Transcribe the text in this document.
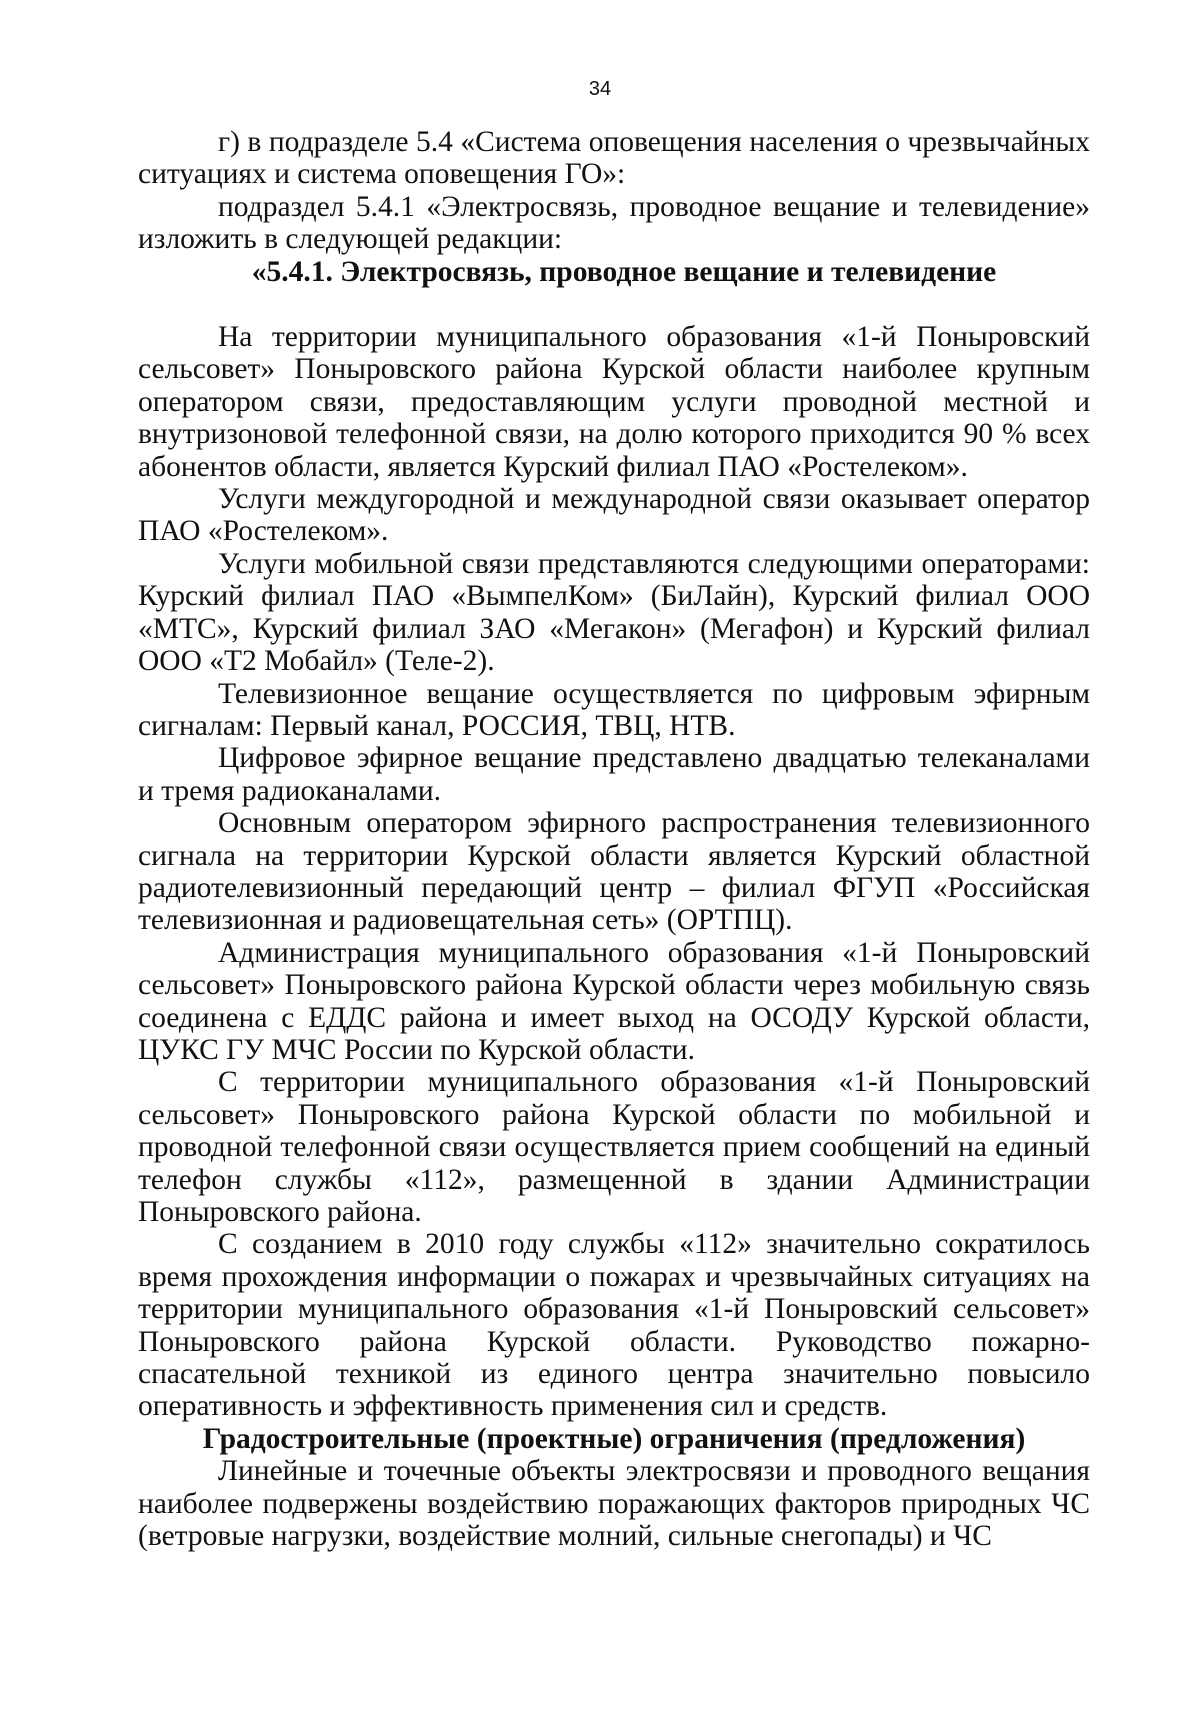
34

г) в подразделе 5.4 «Система оповещения населения о чрезвычайных ситуациях и система оповещения ГО»:

подраздел 5.4.1 «Электросвязь, проводное вещание и телевидение» изложить в следующей редакции:

«5.4.1. Электросвязь, проводное вещание и телевидение

На территории муниципального образования «1-й Поныровский сельсовет» Поныровского района Курской области наиболее крупным оператором связи, предоставляющим услуги проводной местной и внутризоновой телефонной связи, на долю которого приходится 90 % всех абонентов области, является Курский филиал ПАО «Ростелеком».

Услуги междугородной и международной связи оказывает оператор ПАО «Ростелеком».

Услуги мобильной связи представляются следующими операторами: Курский филиал ПАО «ВымпелКом» (БиЛайн), Курский филиал ООО «МТС», Курский филиал ЗАО «Мегакон» (Мегафон) и Курский филиал ООО «Т2 Мобайл» (Теле-2).

Телевизионное вещание осуществляется по цифровым эфирным сигналам: Первый канал, РОССИЯ, ТВЦ, НТВ.

Цифровое эфирное вещание представлено двадцатью телеканалами и тремя радиоканалами.

Основным оператором эфирного распространения телевизионного сигнала на территории Курской области является Курский областной радиотелевизионный передающий центр – филиал ФГУП «Российская телевизионная и радиовещательная сеть» (ОРТПЦ).

Администрация муниципального образования «1-й Поныровский сельсовет» Поныровского района Курской области через мобильную связь соединена с ЕДДС района и имеет выход на ОСОДУ Курской области, ЦУКС ГУ МЧС России по Курской области.

С территории муниципального образования «1-й Поныровский сельсовет» Поныровского района Курской области по мобильной и проводной телефонной связи осуществляется прием сообщений на единый телефон службы «112», размещенной в здании Администрации Поныровского района.

С созданием в 2010 году службы «112» значительно сократилось время прохождения информации о пожарах и чрезвычайных ситуациях на территории муниципального образования «1-й Поныровский сельсовет» Поныровского района Курской области. Руководство пожарно-спасательной техникой из единого центра значительно повысило оперативность и эффективность применения сил и средств.

Градостроительные (проектные) ограничения (предложения)

Линейные и точечные объекты электросвязи и проводного вещания наиболее подвержены воздействию поражающих факторов природных ЧС (ветровые нагрузки, воздействие молний, сильные снегопады) и ЧС
